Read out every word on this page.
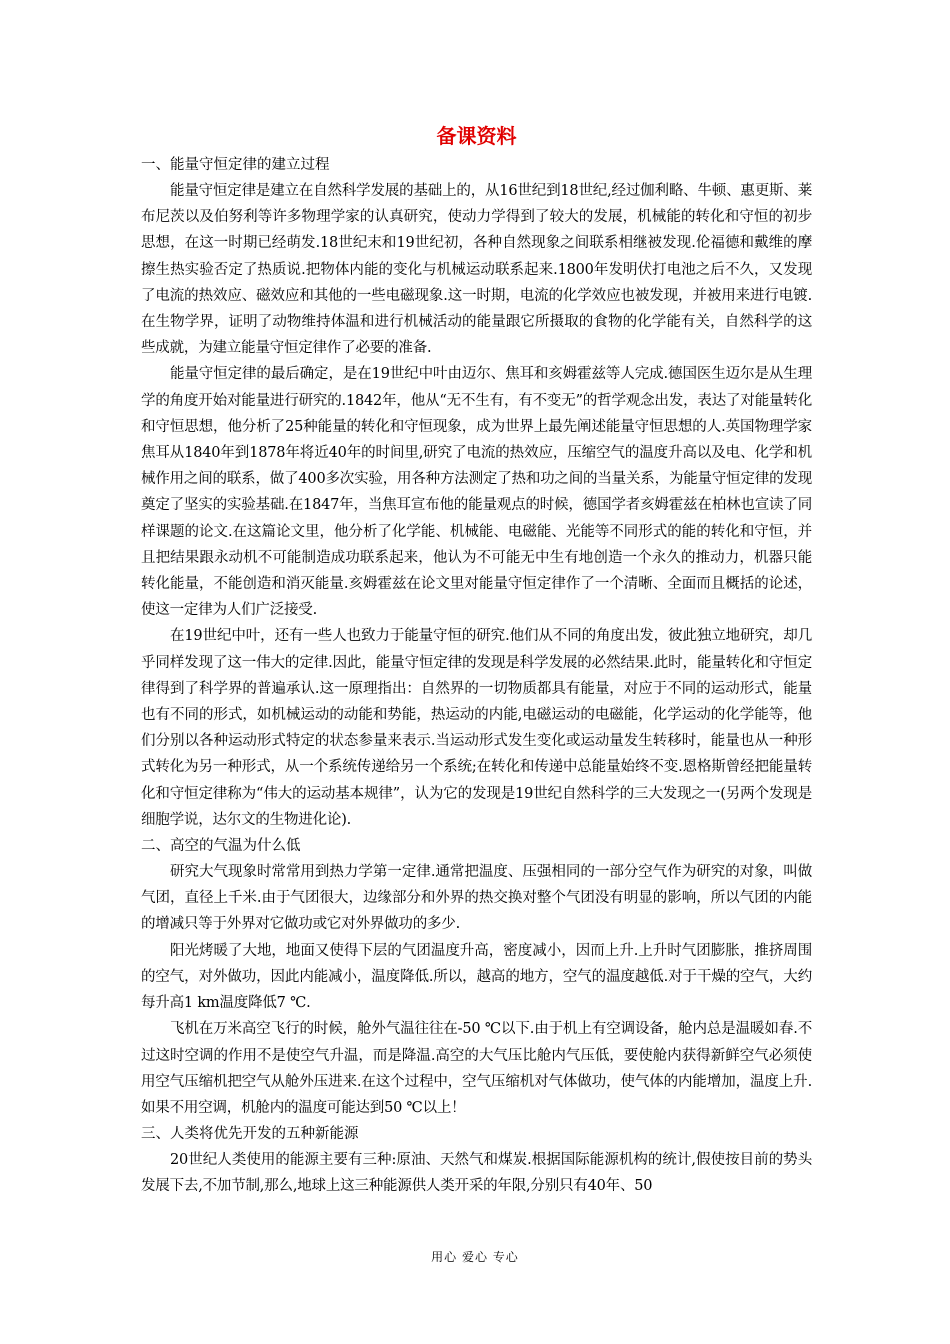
备课资料

一、能量守恒定律的建立过程

能量守恒定律是建立在自然科学发展的基础上的，从16世纪到18世纪,经过伽利略、牛顿、惠更斯、莱布尼茨以及伯努利等许多物理学家的认真研究，使动力学得到了较大的发展，机械能的转化和守恒的初步思想，在这一时期已经萌发.18世纪末和19世纪初，各种自然现象之间联系相继被发现.伦福德和戴维的摩擦生热实验否定了热质说.把物体内能的变化与机械运动联系起来.1800年发明伏打电池之后不久，又发现了电流的热效应、磁效应和其他的一些电磁现象.这一时期，电流的化学效应也被发现，并被用来进行电镀.在生物学界，证明了动物维持体温和进行机械活动的能量跟它所摄取的食物的化学能有关，自然科学的这些成就，为建立能量守恒定律作了必要的准备.

能量守恒定律的最后确定，是在19世纪中叶由迈尔、焦耳和亥姆霍兹等人完成.德国医生迈尔是从生理学的角度开始对能量进行研究的.1842年，他从“无不生有，有不变无”的哲学观念出发，表达了对能量转化和守恒思想，他分析了25种能量的转化和守恒现象，成为世界上最先阐述能量守恒思想的人.英国物理学家焦耳从1840年到1878年将近40年的时间里,研究了电流的热效应，压缩空气的温度升高以及电、化学和机械作用之间的联系，做了400多次实验，用各种方法测定了热和功之间的当量关系，为能量守恒定律的发现奠定了坚实的实验基础.在1847年，当焦耳宣布他的能量观点的时候，德国学者亥姆霍兹在柏林也宣读了同样课题的论文.在这篇论文里，他分析了化学能、机械能、电磁能、光能等不同形式的能的转化和守恒，并且把结果跟永动机不可能制造成功联系起来，他认为不可能无中生有地创造一个永久的推动力，机器只能转化能量，不能创造和消灭能量.亥姆霍兹在论文里对能量守恒定律作了一个清晰、全面而且概括的论述，使这一定律为人们广泛接受.

在19世纪中叶，还有一些人也致力于能量守恒的研究.他们从不同的角度出发，彼此独立地研究，却几乎同样发现了这一伟大的定律.因此，能量守恒定律的发现是科学发展的必然结果.此时，能量转化和守恒定律得到了科学界的普遍承认.这一原理指出：自然界的一切物质都具有能量，对应于不同的运动形式，能量也有不同的形式，如机械运动的动能和势能，热运动的内能,电磁运动的电磁能，化学运动的化学能等，他们分别以各种运动形式特定的状态参量来表示.当运动形式发生变化或运动量发生转移时，能量也从一种形式转化为另一种形式，从一个系统传递给另一个系统;在转化和传递中总能量始终不变.恩格斯曾经把能量转化和守恒定律称为“伟大的运动基本规律”，认为它的发现是19世纪自然科学的三大发现之一(另两个发现是细胞学说，达尔文的生物进化论).

二、高空的气温为什么低

研究大气现象时常常用到热力学第一定律.通常把温度、压强相同的一部分空气作为研究的对象，叫做气团，直径上千米.由于气团很大，边缘部分和外界的热交换对整个气团没有明显的影响，所以气团的内能的增减只等于外界对它做功或它对外界做功的多少.

阳光烤暖了大地，地面又使得下层的气团温度升高，密度减小，因而上升.上升时气团膨胀，推挤周围的空气，对外做功，因此内能减小，温度降低.所以，越高的地方，空气的温度越低.对于干燥的空气，大约每升高1 km温度降低7 ℃.

飞机在万米高空飞行的时候，舱外气温往往在-50 ℃以下.由于机上有空调设备，舱内总是温暖如春.不过这时空调的作用不是使空气升温，而是降温.高空的大气压比舱内气压低，要使舱内获得新鲜空气必须使用空气压缩机把空气从舱外压进来.在这个过程中，空气压缩机对气体做功，使气体的内能增加，温度上升.如果不用空调，机舱内的温度可能达到50 ℃以上！

三、人类将优先开发的五种新能源

20世纪人类使用的能源主要有三种:原油、天然气和煤炭.根据国际能源机构的统计,假使按目前的势头发展下去,不加节制,那么,地球上这三种能源供人类开采的年限,分别只有40年、50

用心 爱心 专心
